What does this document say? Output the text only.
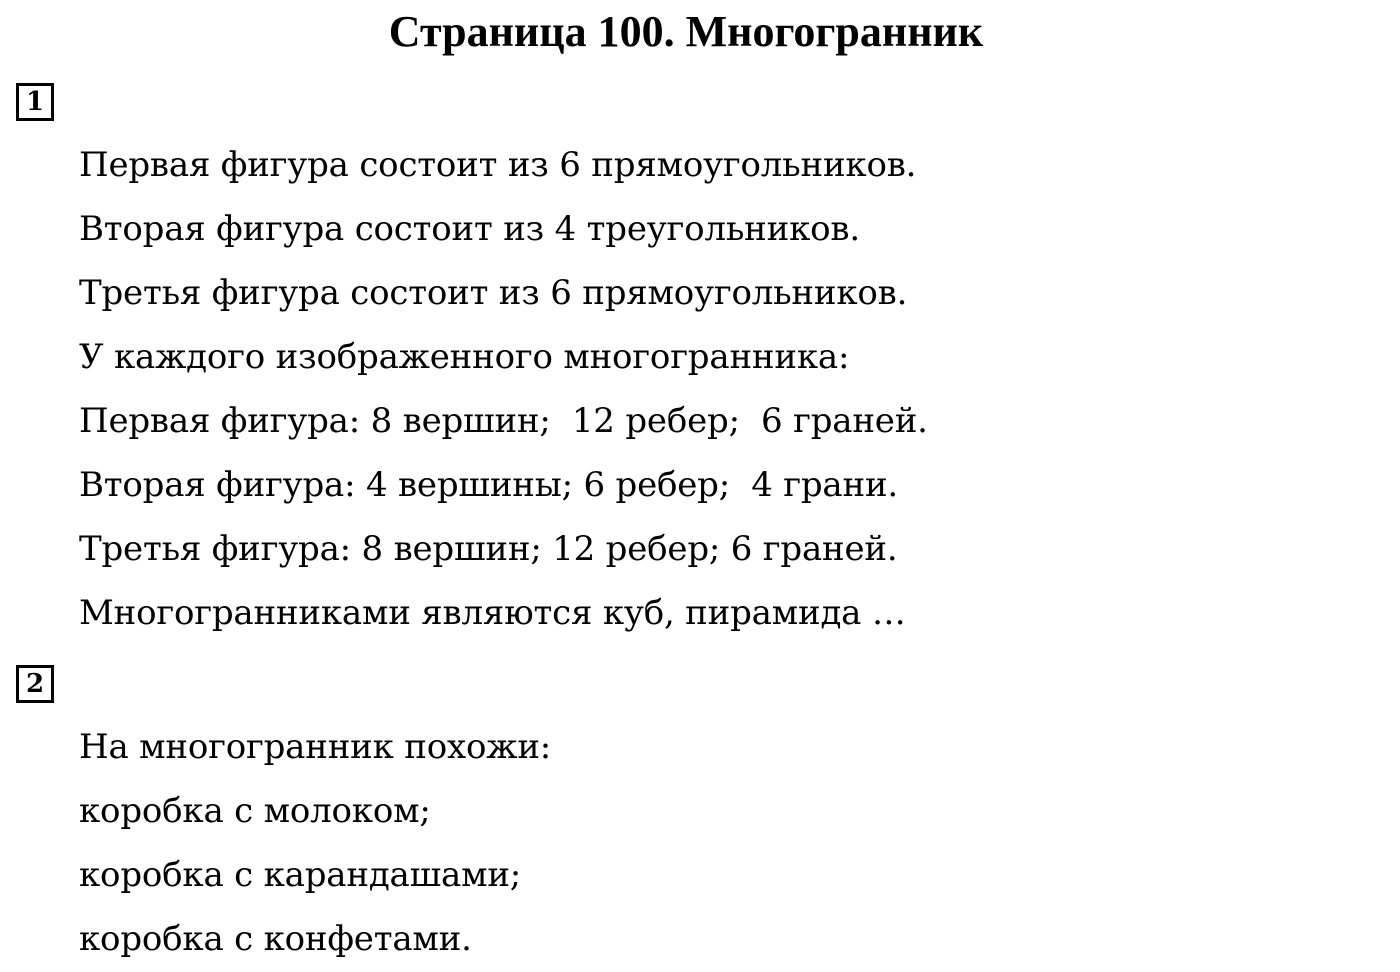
Страница 100. Многогранник
1
Первая фигура состоит из 6 прямоугольников.
Вторая фигура состоит из 4 треугольников.
Третья фигура состоит из 6 прямоугольников.
У каждого изображенного многогранника:
Первая фигура: 8 вершин;  12 ребер;  6 граней.
Вторая фигура: 4 вершины; 6 ребер;  4 грани.
Третья фигура: 8 вершин; 12 ребер; 6 граней.
Многогранниками являются куб, пирамида …
2
На многогранник похожи:
коробка с молоком;
коробка с карандашами;
коробка с конфетами.
